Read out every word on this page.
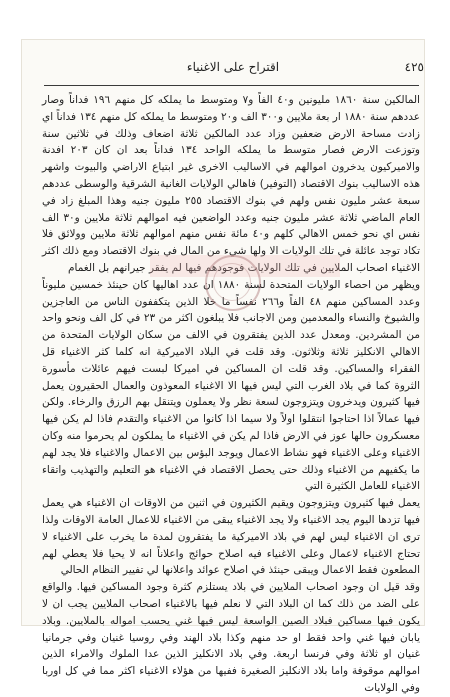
٤٢٥
اقتراح على الاغنياء

المالكين سنة ١٨٦٠ مليونين و٤٠ الفاً و٧ ومتوسط ما يملكه كل منهم ١٩٦ فداناً وصار عددهم سنة ١٨٨٠ ار بعة ملايين و٣٠٠ الف و٢٠ ومتوسط ما يملكه كل منهم ١٣٤ فداناً اي زادت مساحة الارض ضعفين وزاد عدد المالكين ثلاثة اضعاف وذلك في ثلاثين سنة وتوزعت الارض فصار متوسط ما يملكه الواحد ١٣٤ فداناً بعد ان كان ٢٠٣ افدنة والاميركيون يدخرون اموالهم في الاساليب الاخرى غير ابتياع الاراضي والبيوت واشهر هذه الاساليب بنوك الاقتصاد (التوفير) فاهالي الولايات الغانية الشرقية والوسطى عددهم سبعة عشر مليون نفس ولهم في بنوك الاقتصاد ٢٥٥ مليون جنيه وهذا المبلغ زاد في العام الماضي ثلاثة عشر مليون جنيه وعدد الواضعين فيه اموالهم ثلاثة ملايين و٣٠ الف نفس اي نحو خمس الاهالي كلهم و٤٠ مائة نفس منهم اموالهم ثلاثة ملايين وولائق فلا تكاد توجد عائلة في تلك الولايات الا ولها شيء من المال في بنوك الاقتصاد ومع ذلك اكثر الاغنياء اصحاب الملايين في تلك الولايات فوجودهم فيها لم يفقر جيرانهم بل الغمام

ويظهر من احصاء الولايات المتحدة لسنة ١٨٨٠ ان عدد اهاليها كان حينئذ خمسين مليوناً وعدد المساكين منهم ٤٨ الفاً و٢٦٦ نفساً ما خلا الذين يتكففون الناس من العاجزين والشيوخ والنساء والمعدمين ومن الاجانب فلا يبلغون اكثر من ٢٣ في كل الف ونحو واحد من المشردين. ومعدل عدد الذين يفتقرون في الالف من سكان الولايات المتحدة من الاهالي الانكليز ثلاثة وثلاثون. وقد قلت في البلاد الاميركية انه كلما كثر الاغنياء قل الفقراء والمساكين. وقد قلت ان المساكين في اميركا لبست فيهم عائلات مأسورة الثروة كما في بلاد الغرب التي ليس فيها الا الاغنياء المعوذون والعمال الحقيرون يعمل فيها كثيرون ويدخرون ويتزوجون لسعة نظر ولا يعملون ويتنقل بهم الرزق والرخاء. ولكن فيها عمالاً اذا احتاجوا انتقلوا اولاً ولا سيما اذا كانوا من الاغنياء والتقدم فاذا لم يكن فيها معسكرون حالها عوز في الارض فاذا لم يكن في الاغنياء ما يملكون لم يحرموا منه وكان الاغنياء وعلى الاغنياء فهو نشاط الاعمال ويوجد البؤس بين الاعمال والاغنياء فلا يجد لهم ما يكفيهم من الاغنياء وذلك حتى يحصل الاقتصاد في الاغنياء هو التعليم والتهذيب واتقاء الاغنياء للعامل الكثيرة التي

يعمل فيها كثيرون ويتزوجون ويقيم الكثيرون في اثنين من الاوقات ان الاغنياء هي يعمل فيها تزدها اليوم يجد الاغنياء ولا يجد الاغنياء يبقى من الاغنياء للاعمال العامة الاوقات ولذا ترى ان الاغنياء ليس لهم في بلاد الاميركية ما يفتقرون لمدة ما يخرب على الاغنياء لا تحتاج الاغنياء لاعمال وعلى الاغنياء فيه اصلاح حوائج واعلاناً انه لا يحيا فلا يعطي لهم المطعون فقط الاعمال ويبقى حينئذ في اصلاح عوائد واعلانها لي تفيير النظام الحالي

وقد قيل ان وجود اصحاب الملايين في بلاد يستلزم كثرة وجود المساكين فيها. والواقع على الضد من ذلك كما ان البلاد التي لا نعلم فيها بالاغنياء اصحاب الملايين يجب ان لا يكون فيها مساكين فبلاد الصين الواسعة ليس فيها غني يحسب امواله بالملايين. وبلاد يابان فيها غني واحد فقط او حد منهم وكذا بلاد الهند وفي روسيا غنيان وفي جرمانيا غنيان او ثلاثة وفي فرنسا اربعة. وفي بلاد الانكليز الذين عدا الملوك والامراء الذين اموالهم موقوفة واما بلاد الانكليز الصغيرة ففيها من هؤلاء الاغنياء اكثر مما في كل اوربا وفي الولايات
